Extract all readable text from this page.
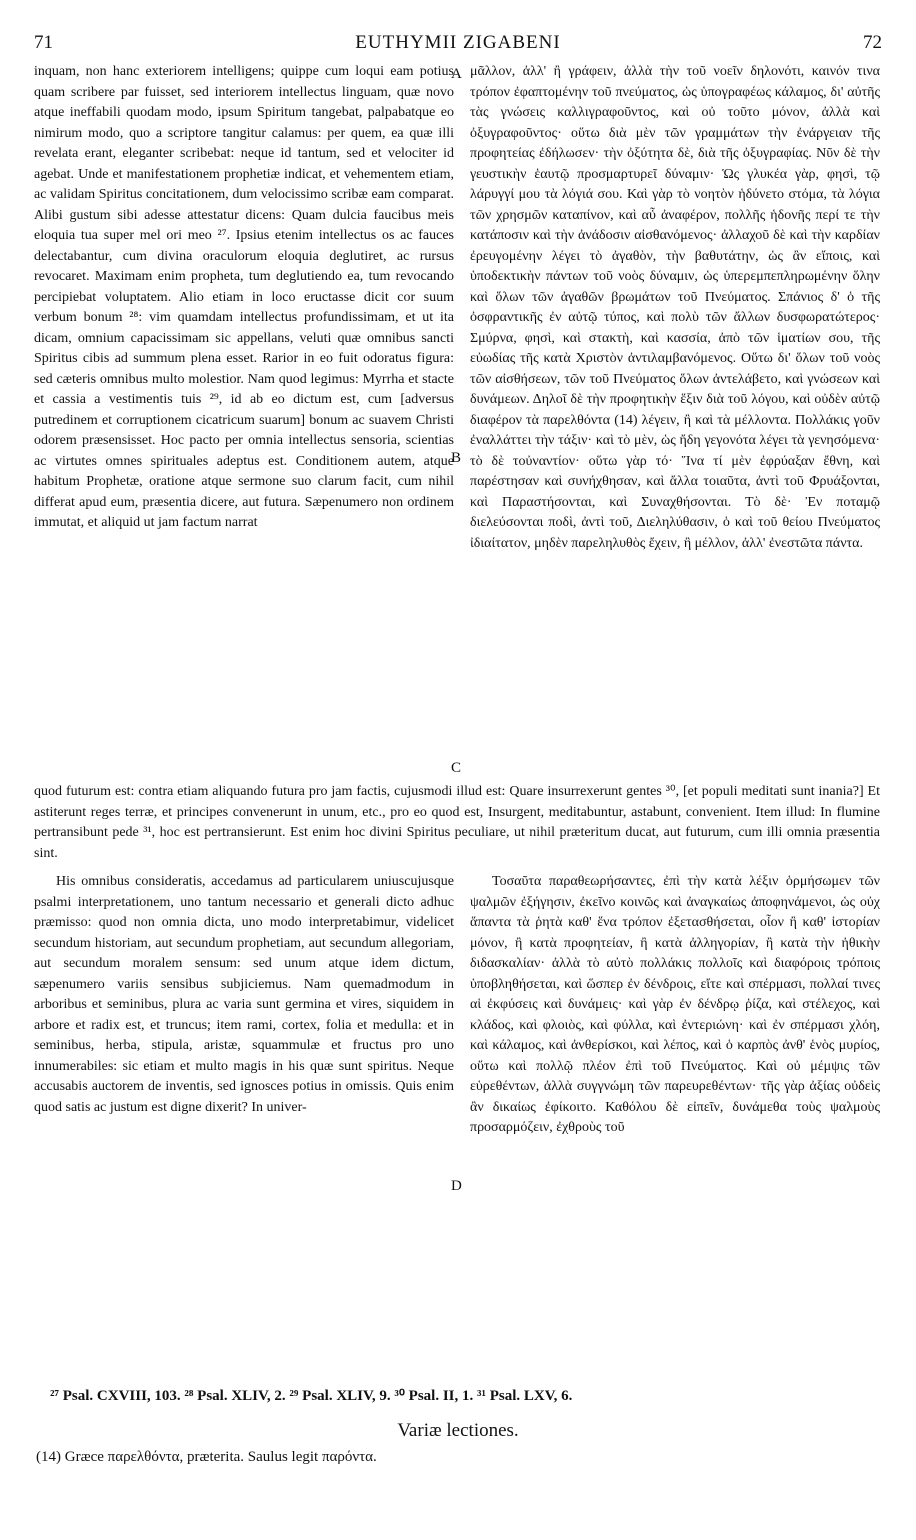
71	EUTHYMII ZIGABENI	72

inquam, non hanc exteriorem intelligens; quippe cum loqui eam potius quam scribere par fuisset, sed interiorem intellectus linguam, quæ novo atque ineffabili quodam modo, ipsum Spiritum tangebat, palpabatque eo nimirum modo, quo a scriptore tangitur calamus: per quem, ea quæ illi revelata erant, eleganter scribebat: neque id tantum, sed et velociter id agebat. Unde et manifestationem prophetiæ indicat, et vehementem etiam, ac validam Spiritus concitationem, dum velocissimo scribæ eam comparat. Alibi gustum sibi adesse attestatur dicens: Quam dulcia faucibus meis eloquia tua super mel ori meo ²⁷. Ipsius etenim intellectus os ac fauces delectabantur, cum divina oraculorum eloquia deglutiret, ac rursus revocaret. Maximam enim propheta, tum deglutiendo ea, tum revocando percipiebat voluptatem. Alio etiam in loco eructasse dicit cor suum verbum bonum ²⁸: vim quamdam intellectus profundissimam, et ut ita dicam, omnium capacissimam sic appellans, veluti quæ omnibus sancti Spiritus cibis ad summum plena esset. Rarior in eo fuit odoratus figura: sed cæteris omnibus multo molestior. Nam quod legimus: Myrrha et stacte et cassia a vestimentis tuis ²⁹, id ab eo dictum est, cum [adversus putredinem et corruptionem cicatricum suarum] bonum ac suavem Christi odorem præsensisset. Hoc pacto per omnia intellectus sensoria, scientias ac virtutes omnes spirituales adeptus est. Conditionem autem, atque habitum Prophetæ, oratione atque sermone suo clarum facit, cum nihil differat apud eum, præsentia dicere, aut futura. Sæpenumero non ordinem immutat, et aliquid ut jam factum narrat

μᾶλλον, ἀλλ' ἢ γράφειν, ἀλλὰ τὴν τοῦ νοεῖν δηλονότι, καινόν τινα τρόπον ἐφαπτομένην τοῦ πνεύματος, ὡς ὑπογραφέως κάλαμος, δι' αὐτῆς τὰς γνώσεις καλλιγραφοῦντος, καὶ οὐ τοῦτο μόνον, ἀλλὰ καὶ ὀξυγραφοῦντος· οὕτω διὰ μὲν τῶν γραμμάτων τὴν ἐνάργειαν τῆς προφητείας ἐδήλωσεν· τὴν ὀξύτητα δὲ, διὰ τῆς ὀξυγραφίας. Νῦν δὲ τὴν γευστικὴν ἑαυτῷ προσμαρτυρεῖ δύναμιν· Ὡς γλυκέα γὰρ, φησὶ, τῷ λάρυγγί μου τὰ λόγιά σου. Καὶ γὰρ τὸ νοητὸν ἡδύνετο στόμα, τὰ λόγια τῶν χρησμῶν καταπίνον, καὶ αὖ ἀναφέρον, πολλῆς ἡδονῆς περί τε τὴν κατάποσιν καὶ τὴν ἀνάδοσιν αἰσθανόμενος· ἀλλαχοῦ δὲ καὶ τὴν καρδίαν ἐρευγομένην λέγει τὸ ἀγαθὸν, τὴν βαθυτάτην, ὡς ἂν εἴποις, καὶ ὑποδεκτικὴν πάντων τοῦ νοὸς δύναμιν, ὡς ὑπερεμπεπληρωμένην ὅλην καὶ ὅλων τῶν ἀγαθῶν βρωμάτων τοῦ Πνεύματος. Σπάνιος δ' ὁ τῆς ὀσφραντικῆς ἐν αὐτῷ τύπος, καὶ πολὺ τῶν ἄλλων δυσφωρατώτερος· Σμύρνα, φησὶ, καὶ στακτὴ, καὶ κασσία, ἀπὸ τῶν ἱματίων σου, τῆς εὐωδίας τῆς κατὰ Χριστὸν ἀντιλαμβανόμενος. Οὕτω δι' ὅλων τοῦ νοὸς τῶν αἰσθήσεων, τῶν τοῦ Πνεύματος ὅλων ἀντελάβετο, καὶ γνώσεων καὶ δυνάμεων. Δηλοῖ δὲ τὴν προφητικὴν ἕξιν διὰ τοῦ λόγου, καὶ οὐδὲν αὐτῷ διαφέρον τὰ παρελθόντα (14) λέγειν, ἢ καὶ τὰ μέλλοντα. Πολλάκις γοῦν ἐναλλάττει τὴν τάξιν· καὶ τὸ μὲν, ὡς ἤδη γεγονότα λέγει τὰ γενησόμενα· τὸ δὲ τοὐναντίον· οὕτω γὰρ τό· Ἵνα τί μὲν ἐφρύαξαν ἔθνη, καὶ παρέστησαν καὶ συνήχθησαν, καὶ ἄλλα τοιαῦτα, ἀντὶ τοῦ Φρυάξονται, καὶ Παραστήσονται, καὶ Συναχθήσονται. Τὸ δὲ· Ἐν ποταμῷ διελεύσονται ποδὶ, ἀντὶ τοῦ, Διεληλύθασιν, ὁ καὶ τοῦ θείου Πνεύματος ἰδιαίτατον, μηδὲν παρεληλυθὸς ἔχειν, ἢ μέλλον, ἀλλ' ἐνεστῶτα πάντα.

A
B
C
D

quod futurum est: contra etiam aliquando futura pro jam factis, cujusmodi illud est: Quare insurrexerunt gentes ³⁰, [et populi meditati sunt inania?] Et astiterunt reges terræ, et principes convenerunt in unum, etc., pro eo quod est, Insurgent, meditabuntur, astabunt, convenient. Item illud: In flumine pertransibunt pede ³¹, hoc est pertransierunt. Est enim hoc divini Spiritus peculiare, ut nihil præteritum ducat, aut futurum, cum illi omnia præsentia sint.

His omnibus consideratis, accedamus ad particularem uniuscujusque psalmi interpretationem, uno tantum necessario et generali dicto adhuc præmisso: quod non omnia dicta, uno modo interpretabimur, videlicet secundum historiam, aut secundum prophetiam, aut secundum allegoriam, aut secundum moralem sensum: sed unum atque idem dictum, sæpenumero variis sensibus subjiciemus. Nam quemadmodum in arboribus et seminibus, plura ac varia sunt germina et vires, siquidem in arbore et radix est, et truncus; item rami, cortex, folia et medulla: et in seminibus, herba, stipula, aristæ, squammulæ et fructus pro uno innumerabiles: sic etiam et multo magis in his quæ sunt spiritus. Neque accusabis auctorem de inventis, sed ignosces potius in omissis. Quis enim quod satis ac justum est digne dixerit? In univer-

Τοσαῦτα παραθεωρήσαντες, ἐπὶ τὴν κατὰ λέξιν ὁρμήσωμεν τῶν ψαλμῶν ἐξήγησιν, ἐκεῖνο κοινῶς καὶ ἀναγκαίως ἀποφηνάμενοι, ὡς οὐχ ἅπαντα τὰ ῥητὰ καθ' ἕνα τρόπον ἐξετασθήσεται, οἷον ἢ καθ' ἱστορίαν μόνον, ἢ κατὰ προφητείαν, ἢ κατὰ ἀλληγορίαν, ἢ κατὰ τὴν ἠθικὴν διδασκαλίαν· ἀλλὰ τὸ αὐτὸ πολλάκις πολλοῖς καὶ διαφόροις τρόποις ὑποβληθήσεται, καὶ ὥσπερ ἐν δένδροις, εἴτε καὶ σπέρμασι, πολλαί τινες αἱ ἐκφύσεις καὶ δυνάμεις· καὶ γὰρ ἐν δένδρῳ ῥίζα, καὶ στέλεχος, καὶ κλάδος, καὶ φλοιὸς, καὶ φύλλα, καὶ ἐντεριώνη· καὶ ἐν σπέρμασι χλόη, καὶ κάλαμος, καὶ ἀνθερίσκοι, καὶ λέπος, καὶ ὁ καρπὸς ἀνθ' ἑνὸς μυρίος, οὕτω καὶ πολλῷ πλέον ἐπὶ τοῦ Πνεύματος. Καὶ οὐ μέμψις τῶν εὑρεθέντων, ἀλλὰ συγγνώμη τῶν παρευρεθέντων· τῆς γὰρ ἀξίας οὐδεὶς ἂν δικαίως ἐφίκοιτο. Καθόλου δὲ εἰπεῖν, δυνάμεθα τοὺς ψαλμοὺς προσαρμόζειν, ἐχθροὺς τοῦ

²⁷ Psal. CXVIII, 103. ²⁸ Psal. XLIV, 2. ²⁹ Psal. XLIV, 9. ³⁰ Psal. II, 1. ³¹ Psal. LXV, 6.
Variæ lectiones.
(14) Græce παρελθόντα, præterita. Saulus legit παρόντα.
